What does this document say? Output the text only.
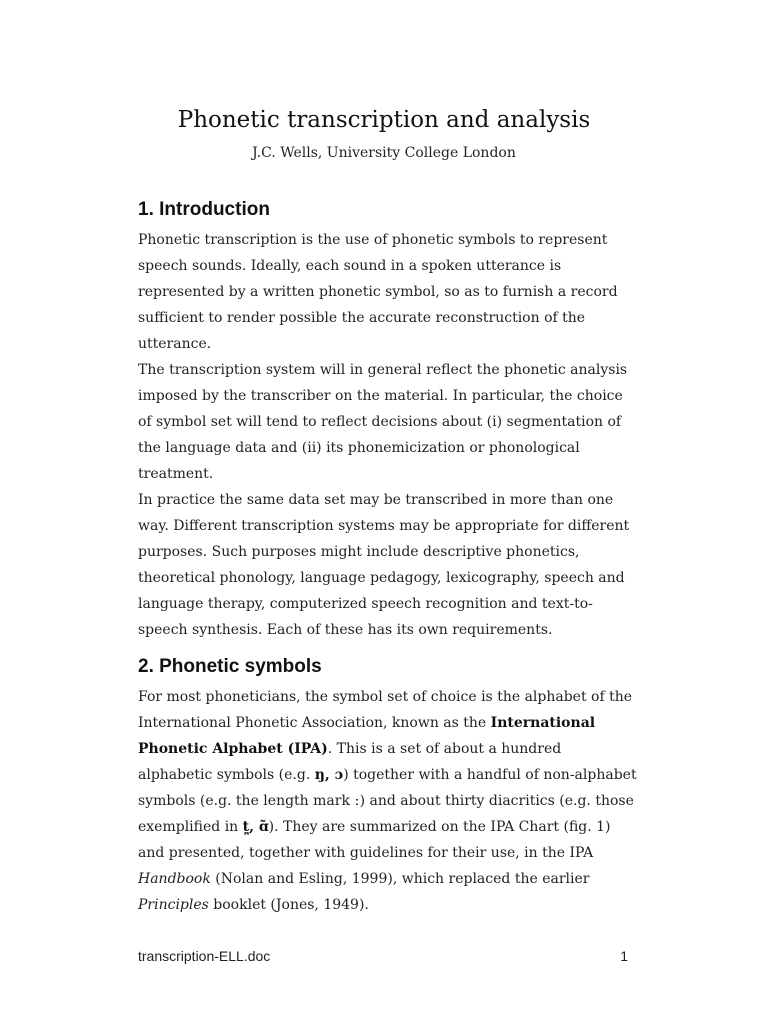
Phonetic transcription and analysis
J.C. Wells, University College London
1. Introduction
Phonetic transcription is the use of phonetic symbols to represent speech sounds. Ideally, each sound in a spoken utterance is represented by a written phonetic symbol, so as to furnish a record sufficient to render possible the accurate reconstruction of the utterance.
The transcription system will in general reflect the phonetic analysis imposed by the transcriber on the material. In particular, the choice of symbol set will tend to reflect decisions about (i) segmentation of the language data and (ii) its phonemicization or phonological treatment.
In practice the same data set may be transcribed in more than one way. Different transcription systems may be appropriate for different purposes. Such purposes might include descriptive phonetics, theoretical phonology, language pedagogy, lexicography, speech and language therapy, computerized speech recognition and text-to-speech synthesis. Each of these has its own requirements.
2. Phonetic symbols
For most phoneticians, the symbol set of choice is the alphabet of the International Phonetic Association, known as the International Phonetic Alphabet (IPA). This is a set of about a hundred alphabetic symbols (e.g. ŋ, ɔ) together with a handful of non-alphabet symbols (e.g. the length mark ː) and about thirty diacritics (e.g. those exemplified in t̪, ɑ̃). They are summarized on the IPA Chart (fig. 1) and presented, together with guidelines for their use, in the IPA Handbook (Nolan and Esling, 1999), which replaced the earlier Principles booklet (Jones, 1949).
transcription-ELL.doc	1
